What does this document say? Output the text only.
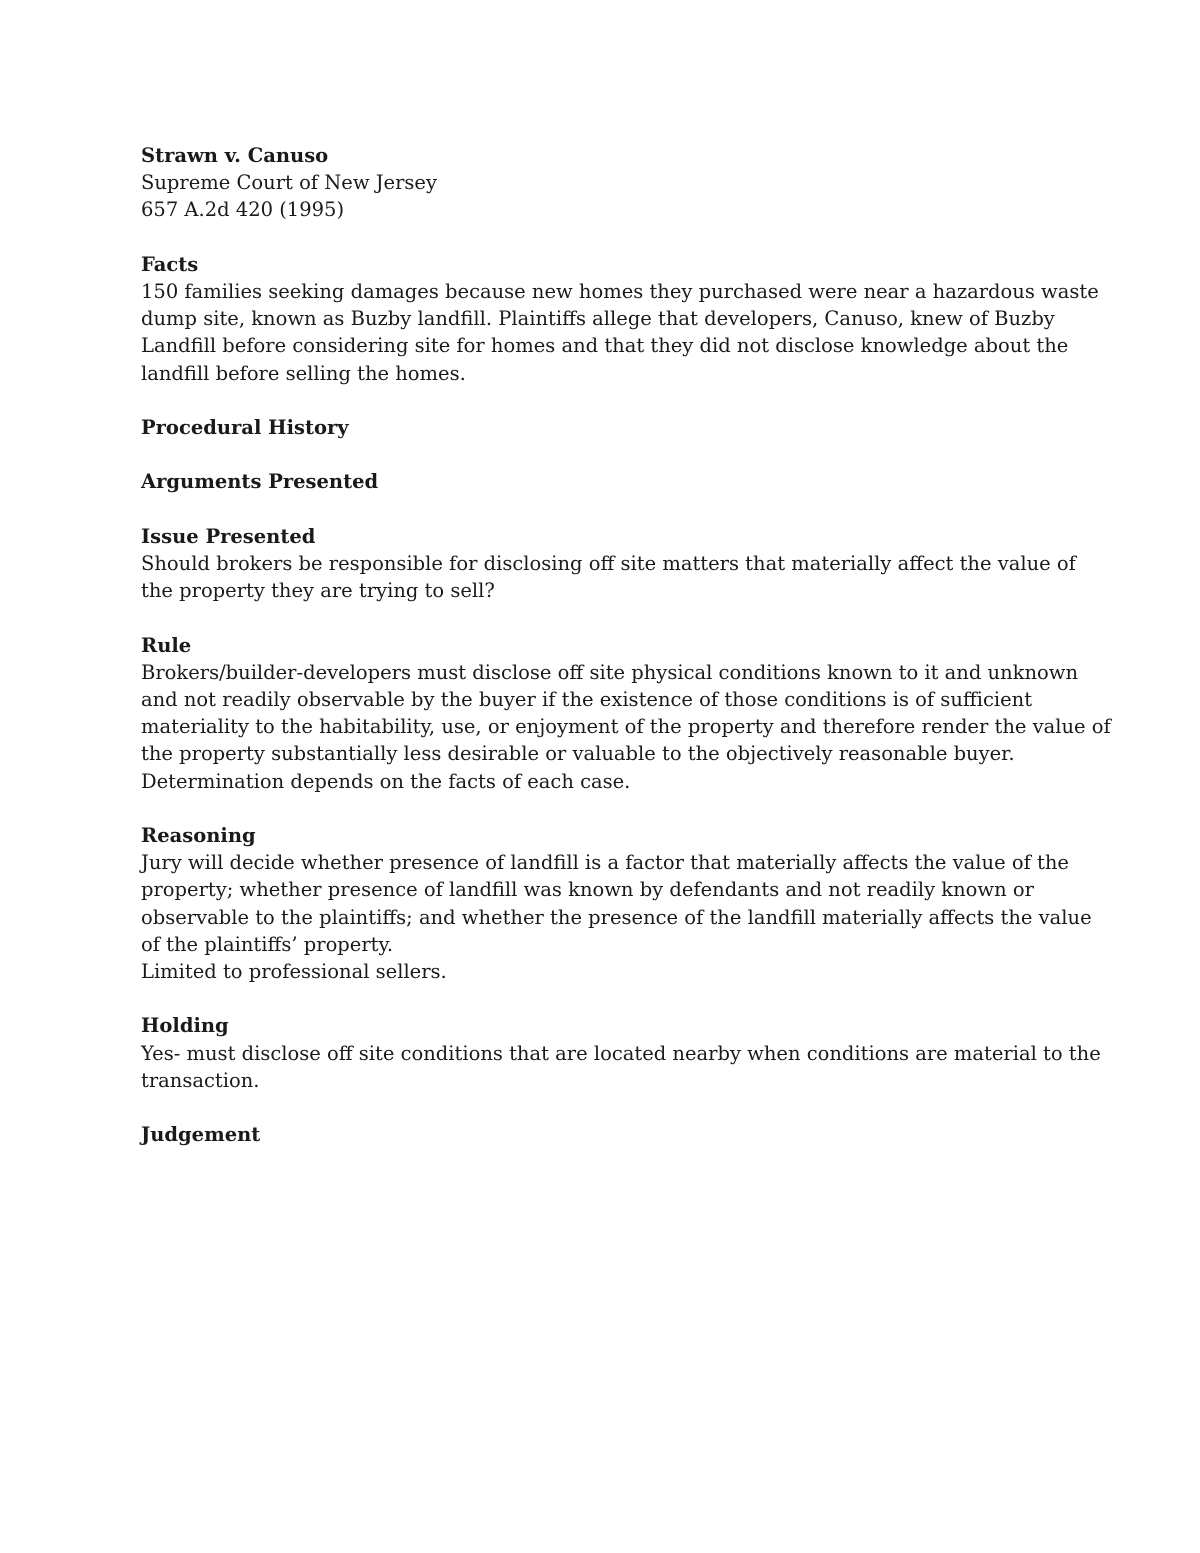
Strawn v. Canuso
Supreme Court of New Jersey
657 A.2d 420 (1995)
Facts
150 families seeking damages because new homes they purchased were near a hazardous waste
dump site, known as Buzby landfill. Plaintiffs allege that developers, Canuso, knew of Buzby
Landfill before considering site for homes and that they did not disclose knowledge about the
landfill before selling the homes.
Procedural History
Arguments Presented
Issue Presented
Should brokers be responsible for disclosing off site matters that materially affect the value of
the property they are trying to sell?
Rule
Brokers/builder-developers must disclose off site physical conditions known to it and unknown
and not readily observable by the buyer if the existence of those conditions is of sufficient
materiality to the habitability, use, or enjoyment of the property and therefore render the value of
the property substantially less desirable or valuable to the objectively reasonable buyer.
Determination depends on the facts of each case.
Reasoning
Jury will decide whether presence of landfill is a factor that materially affects the value of the
property; whether presence of landfill was known by defendants and not readily known or
observable to the plaintiffs; and whether the presence of the landfill materially affects the value
of the plaintiffs’ property.
Limited to professional sellers.
Holding
Yes- must disclose off site conditions that are located nearby when conditions are material to the
transaction.
Judgement
